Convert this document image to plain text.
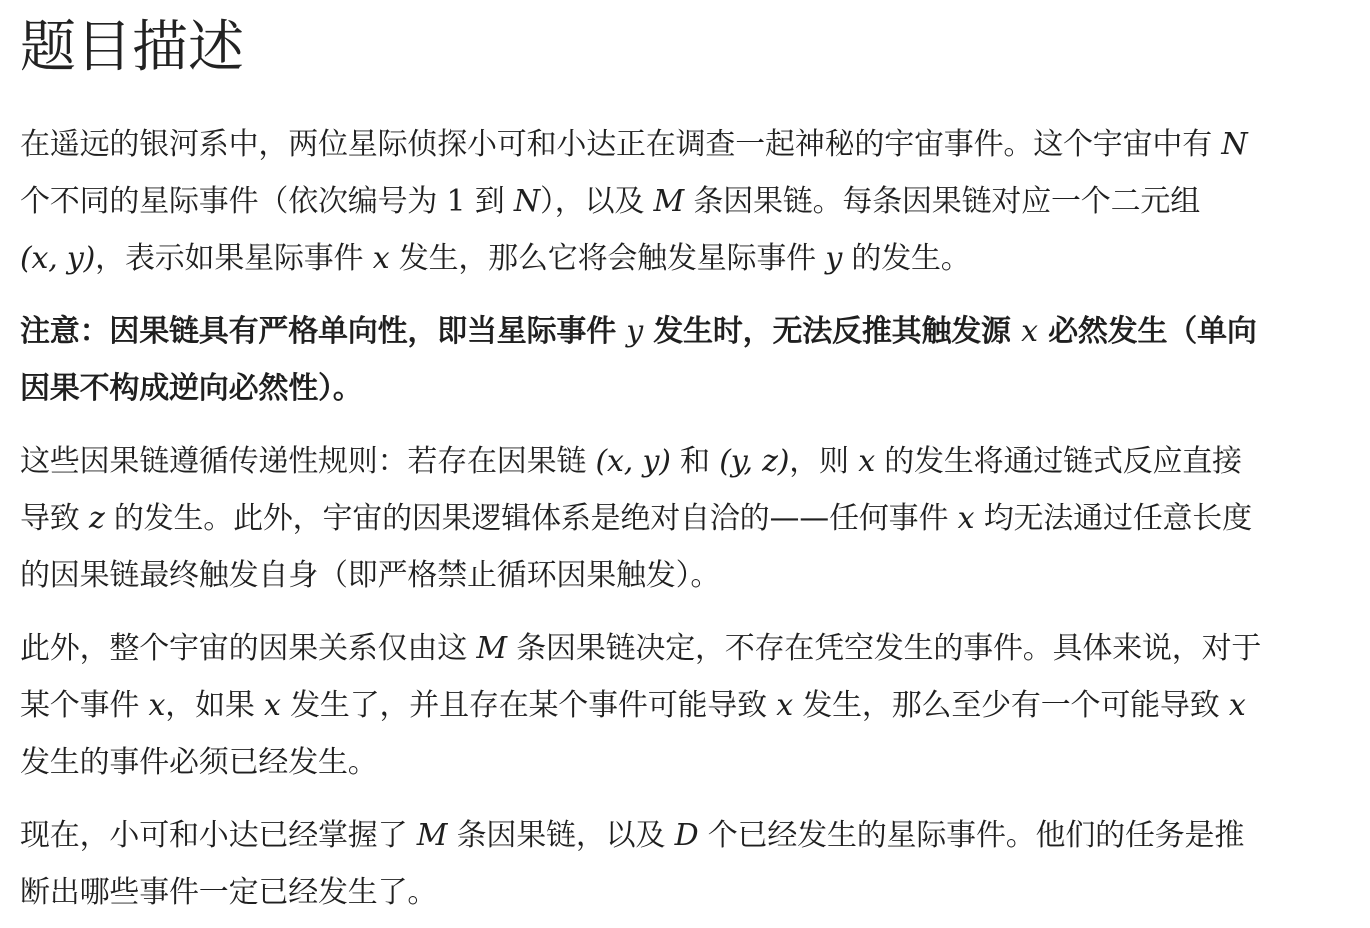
题目描述

在遥远的银河系中，两位星际侦探小可和小达正在调查一起神秘的宇宙事件。这个宇宙中有 N
个不同的星际事件（依次编号为 1 到 N），以及 M 条因果链。每条因果链对应一个二元组
(x, y)，表示如果星际事件 x 发生，那么它将会触发星际事件 y 的发生。

注意：因果链具有严格单向性，即当星际事件 y 发生时，无法反推其触发源 x 必然发生（单向
因果不构成逆向必然性）。

这些因果链遵循传递性规则：若存在因果链 (x, y) 和 (y, z)，则 x 的发生将通过链式反应直接
导致 z 的发生。此外，宇宙的因果逻辑体系是绝对自洽的——任何事件 x 均无法通过任意长度
的因果链最终触发自身（即严格禁止循环因果触发）。

此外，整个宇宙的因果关系仅由这 M 条因果链决定，不存在凭空发生的事件。具体来说，对于
某个事件 x，如果 x 发生了，并且存在某个事件可能导致 x 发生，那么至少有一个可能导致 x
发生的事件必须已经发生。

现在，小可和小达已经掌握了 M 条因果链，以及 D 个已经发生的星际事件。他们的任务是推
断出哪些事件一定已经发生了。
